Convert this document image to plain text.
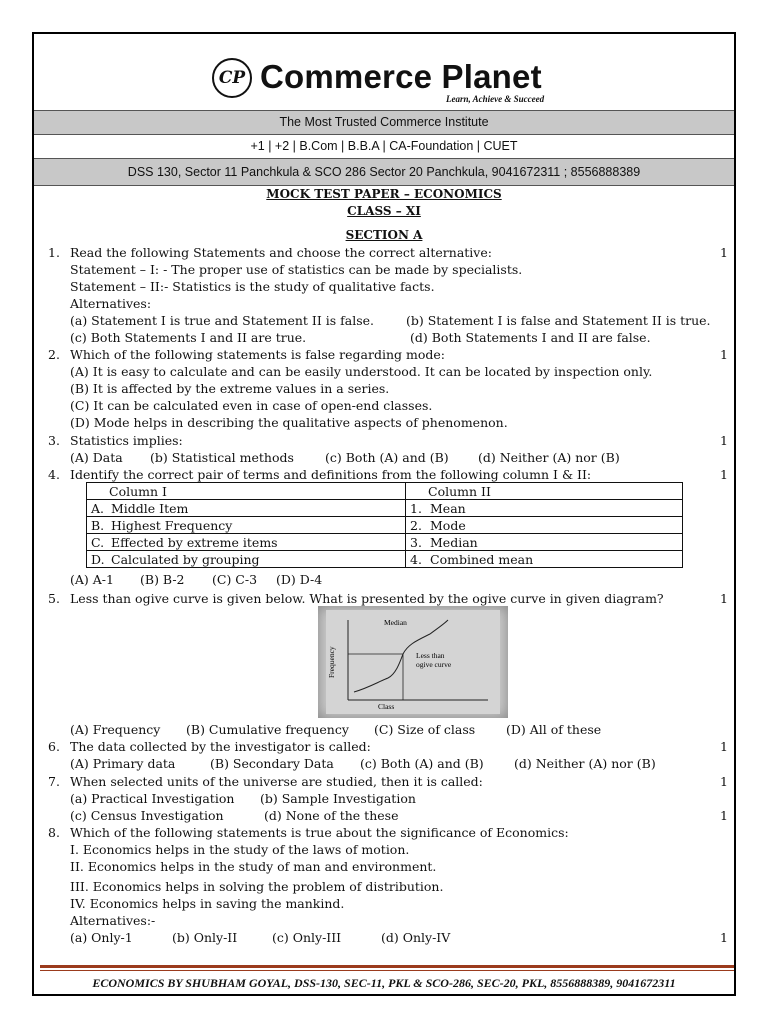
CP Commerce Planet
Learn, Achieve & Succeed
The Most Trusted Commerce Institute
+1 | +2 | B.Com | B.B.A | CA-Foundation | CUET
DSS 130, Sector 11 Panchkula & SCO 286 Sector 20 Panchkula, 9041672311 ; 8556888389
MOCK TEST PAPER – ECONOMICS
CLASS – XI
SECTION A
1. Read the following Statements and choose the correct alternative:	1
Statement – I: - The proper use of statistics can be made by specialists.
Statement – II:- Statistics is the study of qualitative facts.
Alternatives:
(a) Statement I is true and Statement II is false.	(b) Statement I is false and Statement II is true.
(c) Both Statements I and II are true.	(d) Both Statements I and II are false.
2. Which of the following statements is false regarding mode:	1
(A) It is easy to calculate and can be easily understood. It can be located by inspection only.
(B) It is affected by the extreme values in a series.
(C) It can be calculated even in case of open-end classes.
(D) Mode helps in describing the qualitative aspects of phenomenon.
3. Statistics implies:	1
(A) Data (b) Statistical methods (c) Both (A) and (B) (d) Neither (A) nor (B)
4. Identify the correct pair of terms and definitions from the following column I & II:	1
Column I	Column II
A. Middle Item	1. Mean
B. Highest Frequency	2. Mode
C. Effected by extreme items	3. Median
D. Calculated by grouping	4. Combined mean
(A) A-1 (B) B-2 (C) C-3 (D) D-4
5. Less than ogive curve is given below. What is presented by the ogive curve in given diagram?	1
Median
Frequency	Less than
ogive curve
Class
(A) Frequency (B) Cumulative frequency (C) Size of class (D) All of these
6. The data collected by the investigator is called:	1
(A) Primary data	(B) Secondary Data (c) Both (A) and (B) (d) Neither (A) nor (B)
7. When selected units of the universe are studied, then it is called:	1
(a) Practical Investigation (b) Sample Investigation
(c) Census Investigation	(d) None of the these	1
8. Which of the following statements is true about the significance of Economics:
I. Economics helps in the study of the laws of motion.
II. Economics helps in the study of man and environment.
III. Economics helps in solving the problem of distribution.
IV. Economics helps in saving the mankind.
Alternatives:-
(a) Only-1	(b) Only-II	(c) Only-III	(d) Only-IV	1
ECONOMICS BY SHUBHAM GOYAL, DSS-130, SEC-11, PKL & SCO-286, SEC-20, PKL, 8556888389, 9041672311
